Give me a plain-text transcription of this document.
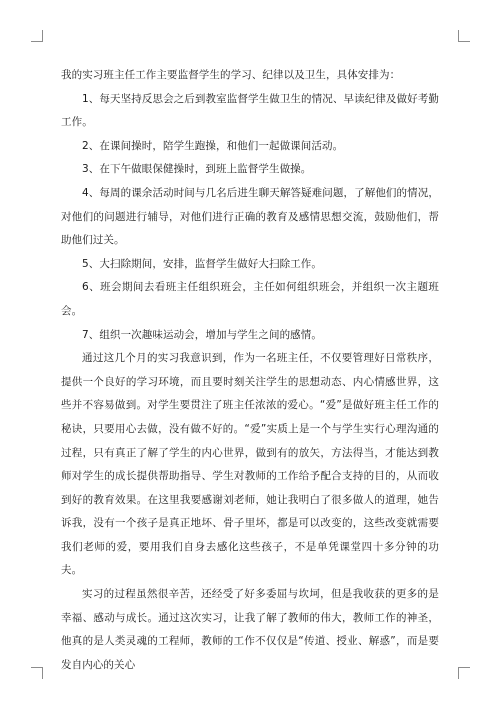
我的实习班主任工作主要监督学生的学习、纪律以及卫生，具体安排为：

1、每天坚持反思会之后到教室监督学生做卫生的情况、早读纪律及做好考勤工作。

2、在课间操时，陪学生跑操，和他们一起做课间活动。

3、在下午做眼保健操时，到班上监督学生做操。

4、每周的课余活动时间与几名后进生聊天解答疑难问题，了解他们的情况，对他们的问题进行辅导，对他们进行正确的教育及感情思想交流，鼓励他们，帮助他们过关。

5、大扫除期间，安排，监督学生做好大扫除工作。

6、班会期间去看班主任组织班会，主任如何组织班会，并组织一次主题班会。

7、组织一次趣味运动会，增加与学生之间的感情。

通过这几个月的实习我意识到，作为一名班主任，不仅要管理好日常秩序，提供一个良好的学习环境，而且要时刻关注学生的思想动态、内心情感世界，这些并不容易做到。对学生要贯注了班主任浓浓的爱心。“爱”是做好班主任工作的秘诀，只要用心去做，没有做不好的。“爱”实质上是一个与学生实行心理沟通的过程，只有真正了解了学生的内心世界，做到有的放矢，方法得当，才能达到教师对学生的成长提供帮助指导、学生对教师的工作给予配合支持的目的，从而收到好的教育效果。在这里我要感谢刘老师，她让我明白了很多做人的道理，她告诉我，没有一个孩子是真正地坏、骨子里坏，都是可以改变的，这些改变就需要我们老师的爱，要用我们自身去感化这些孩子，不是单凭课堂四十多分钟的功夫。

实习的过程虽然很辛苦，还经受了好多委屈与坎坷，但是我收获的更多的是幸福、感动与成长。通过这次实习，让我了解了教师的伟大，教师工作的神圣，他真的是人类灵魂的工程师，教师的工作不仅仅是“传道、授业、解惑”，而是要发自内心的关心
